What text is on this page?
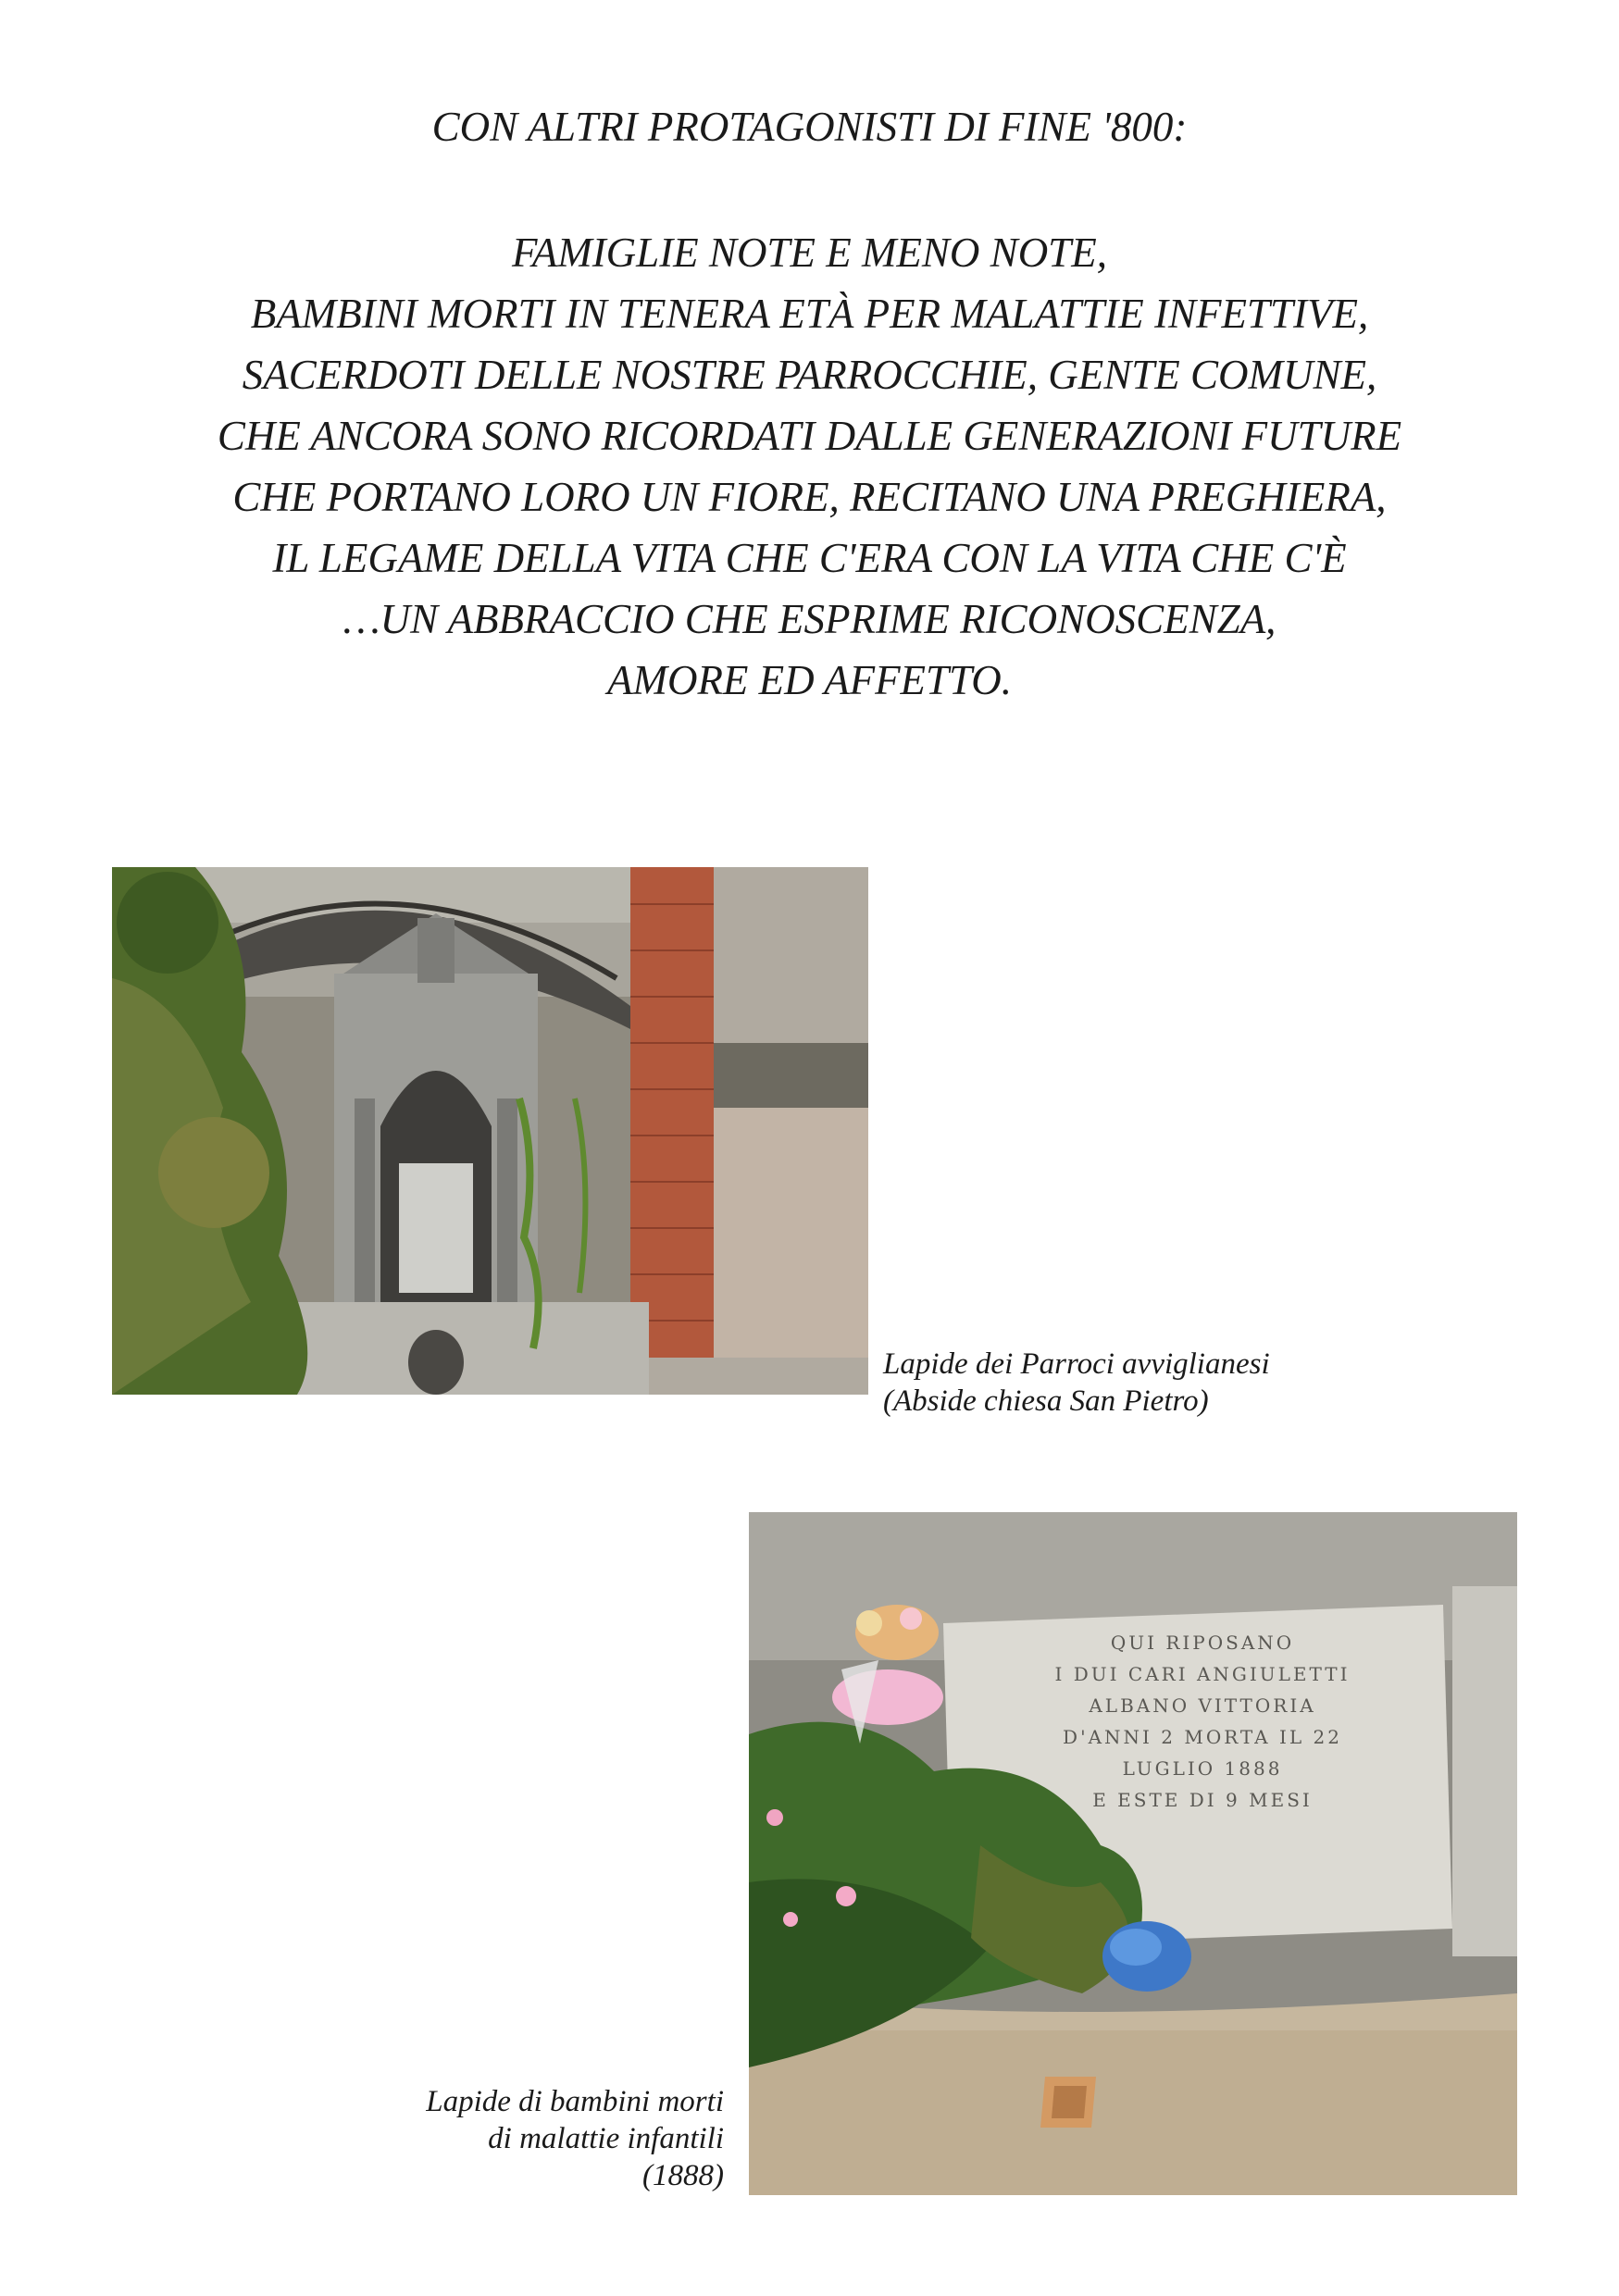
CON ALTRI PROTAGONISTI DI FINE '800:
FAMIGLIE NOTE E MENO NOTE,
BAMBINI MORTI IN TENERA ETÀ PER MALATTIE INFETTIVE,
SACERDOTI DELLE NOSTRE PARROCCHIE, GENTE COMUNE,
CHE ANCORA SONO RICORDATI DALLE GENERAZIONI FUTURE
CHE PORTANO LORO UN FIORE, RECITANO UNA PREGHIERA,
IL LEGAME DELLA VITA CHE C'ERA CON LA VITA CHE C'È
…UN ABBRACCIO CHE ESPRIME RICONOSCENZA,
AMORE ED AFFETTO.
Lapide dei Parroci avviglianesi
(Abside chiesa San Pietro)
QUI RIPOSANO
I DUI CARI ANGIULETTI
ALBANO VITTORIA
D'ANNI 2 MORTA IL 22
LUGLIO 1888
E ESTE DI 9 MESI
Lapide di bambini morti
di malattie infantili
(1888)
